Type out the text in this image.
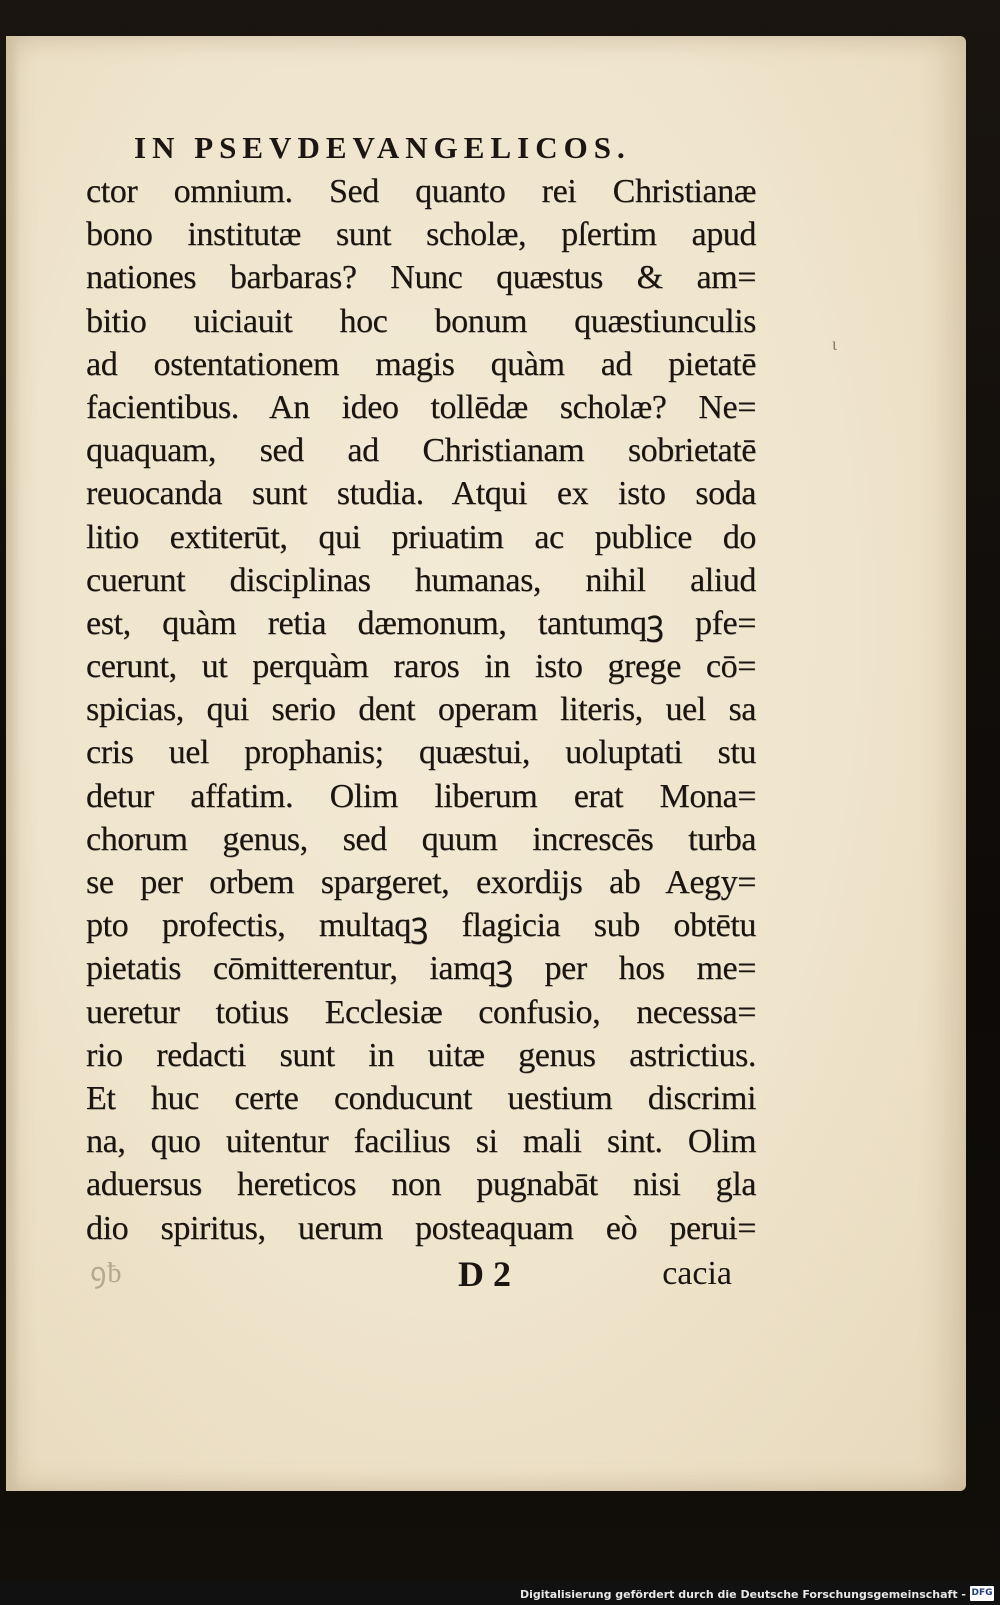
IN PSEVDEVANGELICOS.
ctor omnium. Sed quanto rei Christianæ
bono institutæ sunt scholæ, pſertim apud
nationes barbaras? Nunc quæstus & am=
bitio uiciauit hoc bonum quæstiunculis
ad ostentationem magis quàm ad pietatē
facientibus. An ideo tollēdæ scholæ? Ne=
quaquam, sed ad Christianam sobrietatē
reuocanda sunt studia. Atqui ex isto soda
litio extiterūt, qui priuatim ac publice do
cuerunt disciplinas humanas, nihil aliud
est, quàm retia dæmonum, tantumqꝫ pfe=
cerunt, ut perquàm raros in isto grege cō=
spicias, qui serio dent operam literis, uel sa
cris uel prophanis; quæstui, uoluptati stu
detur affatim. Olim liberum erat Mona=
chorum genus, sed quum increscēs turba
se per orbem spargeret, exordijs ab Aegy=
pto profectis, multaqꝫ flagicia sub obtētu
pietatis cōmitterentur, iamqꝫ per hos me=
ueretur totius Ecclesiæ confusio, necessa=
rio redacti sunt in uitæ genus astrictius.
Et huc certe conducunt uestium discrimi
na, quo uitentur facilius si mali sint. Olim
aduersus hereticos non pugnabāt nisi gla
dio spiritus, uerum posteaquam eò perui=
ꝯƀ	D 2	cacia
ι
Digitalisierung gefördert durch die Deutsche Forschungsgemeinschaft - DFG
